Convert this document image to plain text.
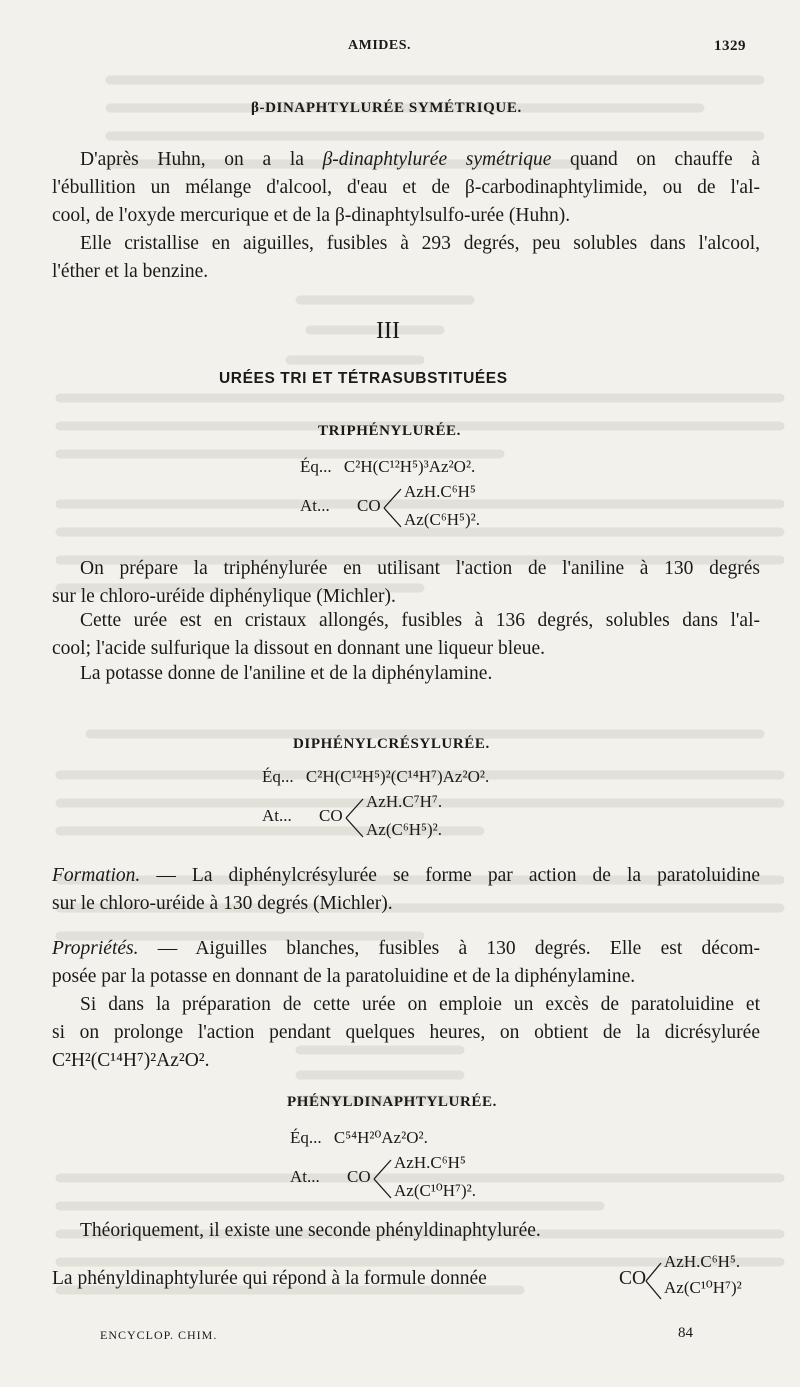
AMIDES.	1329
β-DINAPHTYLURÉE SYMÉTRIQUE.
D'après Huhn, on a la β-dinaphtylurée symétrique quand on chauffe à
l'ébullition un mélange d'alcool, d'eau et de β-carbodinaphtylimide, ou de l'al-
cool, de l'oxyde mercurique et de la β-dinaphtylsulfo-urée (Huhn).
Elle cristallise en aiguilles, fusibles à 293 degrés, peu solubles dans l'alcool,
l'éther et la benzine.
III
URÉES TRI ET TÉTRASUBSTITUÉES
TRIPHÉNYLURÉE.
Éq... C²H(C¹²H⁵)³Az²O².
At... CO
AzH.C⁶H⁵
Az(C⁶H⁵)².
On prépare la triphénylurée en utilisant l'action de l'aniline à 130 degrés
sur le chloro-uréide diphénylique (Michler).
Cette urée est en cristaux allongés, fusibles à 136 degrés, solubles dans l'al-
cool; l'acide sulfurique la dissout en donnant une liqueur bleue.
La potasse donne de l'aniline et de la diphénylamine.
DIPHÉNYLCRÉSYLURÉE.
Éq... C²H(C¹²H⁵)²(C¹⁴H⁷)Az²O².
At... CO
AzH.C⁷H⁷.
Az(C⁶H⁵)².
Formation. — La diphénylcrésylurée se forme par action de la paratoluidine
sur le chloro-uréide à 130 degrés (Michler).
Propriétés. — Aiguilles blanches, fusibles à 130 degrés. Elle est décom-
posée par la potasse en donnant de la paratoluidine et de la diphénylamine.
Si dans la préparation de cette urée on emploie un excès de paratoluidine et
si on prolonge l'action pendant quelques heures, on obtient de la dicrésylurée
C²H²(C¹⁴H⁷)²Az²O².
PHÉNYLDINAPHTYLURÉE.
Éq... C⁵⁴H²⁰Az²O².
At... CO
AzH.C⁶H⁵
Az(C¹⁰H⁷)².
Théoriquement, il existe une seconde phényldinaphtylurée.
La phényldinaphtylurée qui répond à la formule donnée	CO
AzH.C⁶H⁵.
Az(C¹⁰H⁷)²
ENCYCLOP. CHIM.	84
